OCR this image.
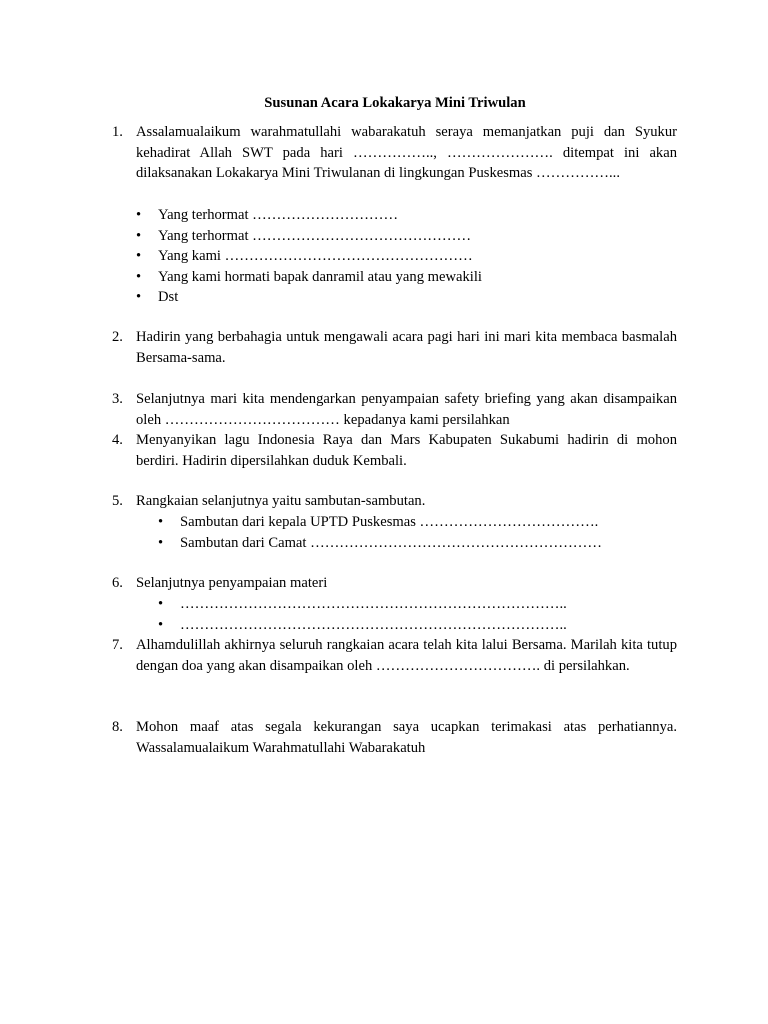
Susunan Acara Lokakarya Mini Triwulan
1. Assalamualaikum warahmatullahi wabarakatuh seraya memanjatkan puji dan Syukur kehadirat Allah SWT pada hari …………….., …………………. ditempat ini akan dilaksanakan Lokakarya Mini Triwulanan di lingkungan Puskesmas ……………...
• Yang terhormat …………………………
• Yang terhormat ………………………………………
• Yang kami ……………………………………………
• Yang kami hormati bapak danramil atau yang mewakili
• Dst
2. Hadirin yang berbahagia untuk mengawali acara pagi hari ini mari kita membaca basmalah Bersama-sama.
3. Selanjutnya mari kita mendengarkan penyampaian safety briefing yang akan disampaikan oleh ……………………………… kepadanya kami persilahkan
4. Menyanyikan lagu Indonesia Raya dan Mars Kabupaten Sukabumi hadirin di mohon berdiri. Hadirin dipersilahkan duduk Kembali.
5. Rangkaian selanjutnya yaitu sambutan-sambutan.
• Sambutan dari kepala UPTD Puskesmas ……………………………….
• Sambutan dari Camat ……………………………………………………
6. Selanjutnya penyampaian materi
• ……………………………………………………………………..
• ……………………………………………………………………..
7. Alhamdulillah akhirnya seluruh rangkaian acara telah kita lalui Bersama. Marilah kita tutup dengan doa yang akan disampaikan oleh ……………………………. di persilahkan.
8. Mohon maaf atas segala kekurangan saya ucapkan terimakasi atas perhatiannya. Wassalamualaikum Warahmatullahi Wabarakatuh
